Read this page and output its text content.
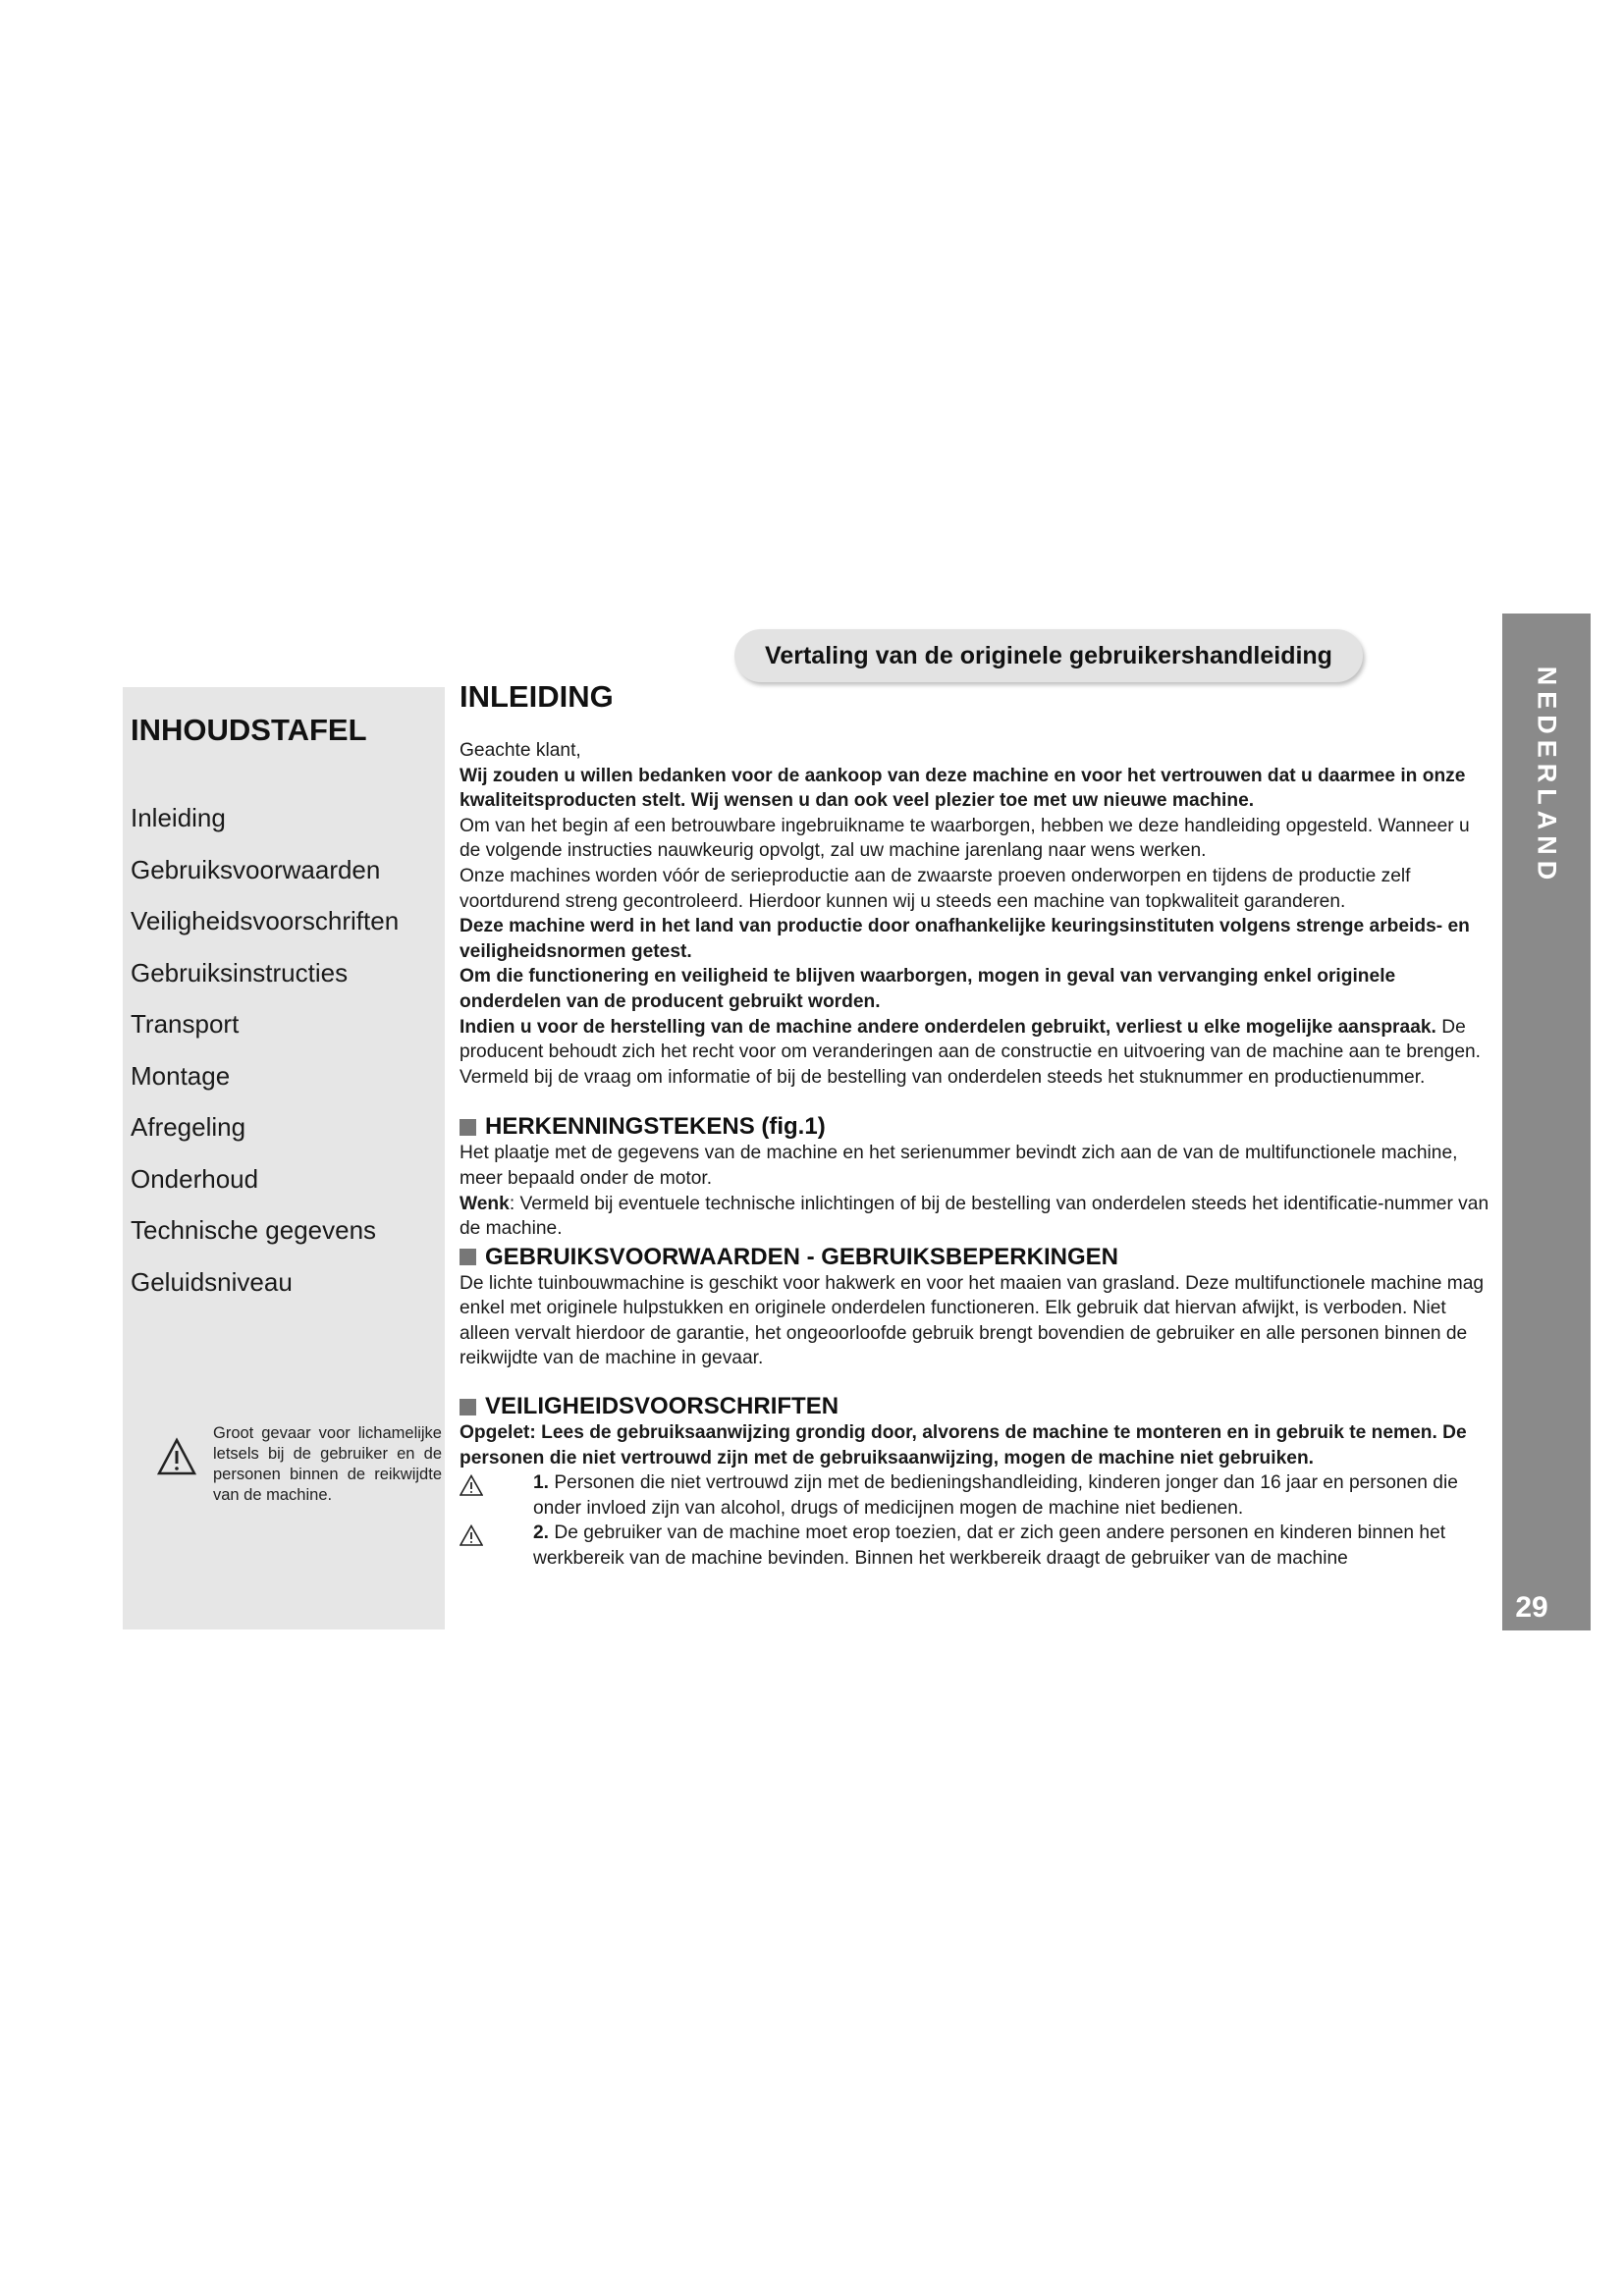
Vertaling van de originele gebruikershandleiding
INHOUDSTAFEL
Inleiding
Gebruiksvoorwaarden
Veiligheidsvoorschriften
Gebruiksinstructies
Transport
Montage
Afregeling
Onderhoud
Technische gegevens
Geluidsniveau

Groot gevaar voor lichamelijke letsels bij de gebruiker en de personen binnen de reikwijdte van de machine.

INLEIDING

Geachte klant,

Wij zouden u willen bedanken voor de aankoop van deze machine en voor het vertrouwen dat u daarmee in onze kwaliteitsproducten stelt. Wij wensen u dan ook veel plezier toe met uw nieuwe machine.

Om van het begin af een betrouwbare ingebruikname te waarborgen, hebben we deze handleiding opgesteld. Wanneer u de volgende instructies nauwkeurig opvolgt, zal uw machine jarenlang naar wens werken.

Onze machines worden vóór de serieproductie aan de zwaarste proeven onderworpen en tijdens de productie zelf voortdurend streng gecontroleerd. Hierdoor kunnen wij u steeds een machine van topkwaliteit garanderen.

Deze machine werd in het land van productie door onafhankelijke keuringsinstituten volgens strenge arbeids- en veiligheidsnormen getest.

Om die functionering en veiligheid te blijven waarborgen, mogen in geval van vervanging enkel originele onderdelen van de producent gebruikt worden.

Indien u voor de herstelling van de machine andere onderdelen gebruikt, verliest u elke mogelijke aanspraak. De producent behoudt zich het recht voor om veranderingen aan de constructie en uitvoering van de machine aan te brengen. Vermeld bij de vraag om informatie of bij de bestelling van onderdelen steeds het stuknummer en productienummer.

HERKENNINGSTEKENS (fig.1)

Het plaatje met de gegevens van de machine en het serienummer bevindt zich aan de van de multifunctionele machine, meer bepaald onder de motor.

Wenk: Vermeld bij eventuele technische inlichtingen of bij de bestelling van onderdelen steeds het identificatie-nummer van de machine.

GEBRUIKSVOORWAARDEN - GEBRUIKSBEPERKINGEN

De lichte tuinbouwmachine is geschikt voor hakwerk en voor het maaien van grasland. Deze multifunctionele machine mag enkel met originele hulpstukken en originele onderdelen functioneren. Elk gebruik dat hiervan afwijkt, is verboden. Niet alleen vervalt hierdoor de garantie, het ongeoorloofde gebruik brengt bovendien de gebruiker en alle personen binnen de reikwijdte van de machine in gevaar.

VEILIGHEIDSVOORSCHRIFTEN

Opgelet: Lees de gebruiksaanwijzing grondig door, alvorens de machine te monteren en in gebruik te nemen. De personen die niet vertrouwd zijn met de gebruiksaanwijzing, mogen de machine niet gebruiken.

1. Personen die niet vertrouwd zijn met de bedieningshandleiding, kinderen jonger dan 16 jaar en personen die onder invloed zijn van alcohol, drugs of medicijnen mogen de machine niet bedienen.
2. De gebruiker van de machine moet erop toezien, dat er zich geen andere personen en kinderen binnen het werkbereik van de machine bevinden. Binnen het werkbereik draagt de gebruiker van de machine
NEDERLAND
29
